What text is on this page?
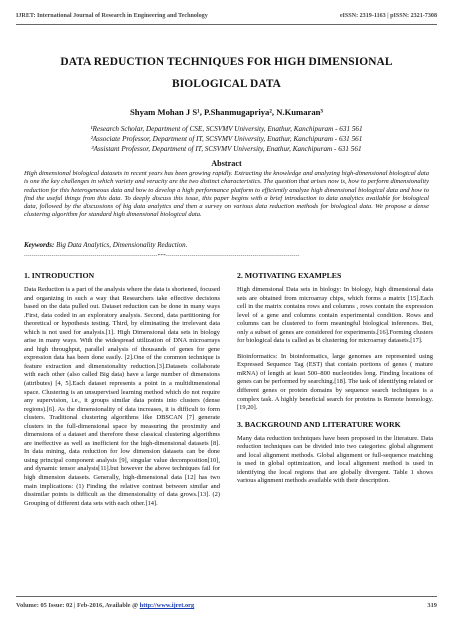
IJRET: International Journal of Research in Engineering and Technology	eISSN: 2319-1163 | pISSN: 2321-7308
DATA REDUCTION TECHNIQUES FOR HIGH DIMENSIONAL BIOLOGICAL DATA
Shyam Mohan J S¹, P.Shanmugapriya², N.Kumaran³
¹Research Scholar, Department of CSE, SCSVMV University, Enathur, Kanchipuram - 631 561
²Associate Professor, Department of IT, SCSVMV University, Enathur, Kanchipuram - 631 561
³Assistant Professor, Department of IT, SCSVMV University, Enathur, Kanchipuram - 631 561
Abstract
High dimensional biological datasets in recent years has been growing rapidly. Extracting the knowledge and analyzing high-dimensional biological data is one the key challenges in which variety and veracity are the two distinct characteristics. The question that arises now is, how to perform dimensionality reduction for this heterogeneous data and how to develop a high performance platform to efficiently analyze high dimensional biological data and how to find the useful things from this data. To deeply discuss this issue, this paper begins with a brief introduction to data analytics available for biological data, followed by the discussions of big data analytics and then a survey on various data reduction methods for biological data. We propose a dense clustering algorithm for standard high dimensional biological data.
Keywords: Big Data Analytics, Dimensionality Reduction.
--------------------------------------------------------------------***--------------------------------------------------------------------
1. INTRODUCTION
Data Reduction is a part of the analysis where the data is shortened, focused and organizing in such a way that Researchers take effective decisions based on the data pulled out. Dataset reduction can be done in many ways .First, data coded in an exploratory analysis. Second, data partitioning for theoretical or hypothesis testing. Third, by eliminating the irrelevant data which is not used for analysis.[1]. High Dimensional data sets in biology arise in many ways. With the widespread utilization of DNA microarrays and high throughput, parallel analysis of thousands of genes for gene expression data has been done easily. [2].One of the common technique is feature extraction and dimensionality reduction.[3].Datasets collaborate with each other (also called Big data) have a large number of dimensions (attributes) [4, 5].Each dataset represents a point in a multidimensional space. Clustering is an unsupervised learning method which do not require any supervision, i.e., it groups similar data points into clusters (dense regions).[6]. As the dimensionality of data increases, it is difficult to form clusters. Traditional clustering algorithms like DBSCAN [7] generate clusters in the full-dimensional space by measuring the proximity and dimensions of a dataset and therefore these classical clustering algorithms are ineffective as well as inefficient for the high-dimensional datasets [8]. In data mining, data reduction for low dimension datasets can be done using principal component analysis [9], singular value decomposition[10], and dynamic tensor analysis[11].but however the above techniques fail for high dimension datasets. Generally, high-dimensional data [12] has two main implications: (1) Finding the relative contrast between similar and dissimilar points is difficult as the dimensionality of data grows.[13]. (2) Grouping of different data sets with each other.[14].
2. MOTIVATING EXAMPLES
High dimensional Data sets in biology: In biology, high dimensional data sets are obtained from microarray chips, which forms a matrix [15].Each cell in the matrix contains rows and columns , rows contain the expression level of a gene and columns contain experimental condition. Rows and columns can be clustered to form meaningful biological inferences. But, only a subset of genes are considered for experiments.[16].Forming clusters for biological data is called as bi clustering for microarray datasets.[17].
Bioinformatics: In bioinformatics, large genomes are represented using Expressed Sequence Tag (EST) that contain portions of genes ( mature mRNA) of length at least 500–800 nucleotides long. Finding locations of genes can be performed by searching.[18]. The task of identifying related or different genes or protein domains by sequence search techniques is a complex task. A highly beneficial search for proteins is Remote homology.[19,20].
3. BACKGROUND AND LITERATURE WORK
Many data reduction techniques have been proposed in the literature. Data reduction techniques can be divided into two categories: global alignment and local alignment methods. Global alignment or full-sequence matching is used in global optimization, and local alignment method is used in identifying the local regions that are globally divergent. Table 1 shows various alignment methods available with their description.
Volume: 05 Issue: 02 | Feb-2016, Available @ http://www.ijret.org	319
